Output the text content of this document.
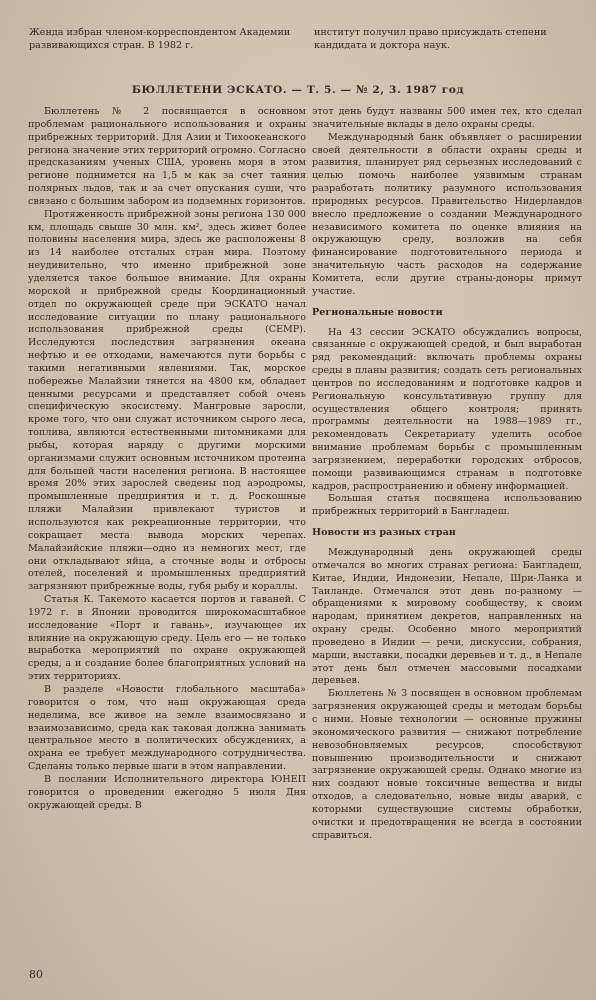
Женда избран членом-корреспондентом Академии развивающихся стран. В 1982 г.
институт получил право присуждать степени кандидата и доктора наук.
БЮЛЛЕТЕНИ ЭСКАТО. — Т. 5. — № 2, 3. 1987 год

Бюллетень № 2 посвящается в основном проблемам рационального использования и охраны прибрежных территорий. Для Азии и Тихоокеанского региона значение этих территорий огромно. Согласно предсказаниям ученых США, уровень моря в этом регионе поднимется на 1,5 м как за счет таяния полярных льдов, так и за счет опускания суши, что связано с большим забором из подземных горизонтов.

Протяженность прибрежной зоны региона 130 000 км, площадь свыше 30 млн. км², здесь живет более половины населения мира, здесь же расположены 8 из 14 наиболее отсталых стран мира. Поэтому неудивительно, что именно прибрежной зоне уделяется такое большое внимание. Для охраны морской и прибрежной среды Координационный отдел по окружающей среде при ЭСКАТО начал исследование ситуации по плану рационального использования прибрежной среды (СЕМР). Исследуются последствия загрязнения океана нефтью и ее отходами, намечаются пути борьбы с такими негативными явлениями. Так, морское побережье Малайзии тянется на 4800 км, обладает ценными ресурсами и представляет собой очень специфическую экосистему. Мангровые заросли, кроме того, что они служат источником сырого леса, топлива, являются естественными питомниками для рыбы, которая наряду с другими морскими организмами служит основным источником протеина для большей части населения региона. В настоящее время 20% этих зарослей сведены под аэродромы, промышленные предприятия и т. д. Роскошные пляжи Малайзии привлекают туристов и используются как рекреационные территории, что сокращает места вывода морских черепах. Малайзийские пляжи—одно из немногих мест, где они откладывают яйца, а сточные воды и отбросы отелей, поселений и промышленных предприятий загрязняют прибрежные воды, губя рыбу и кораллы.

Статья К. Такемото касается портов и гаваней. С 1972 г. в Японии проводится широкомасштабное исследование «Порт и гавань», изучающее их влияние на окружающую среду. Цель его — не только выработка мероприятий по охране окружающей среды, а и создание более благоприятных условий на этих территориях.

В разделе «Новости глобального масштаба» говорится о том, что наш окружающая среда неделима, все живое на земле взаимосвязано и взаимозависимо, среда как таковая должна занимать центральное место в политических обсуждениях, а охрана ее требует международного сотрудничества. Сделаны только первые шаги в этом направлении.

В послании Исполнительного директора ЮНЕП говорится о проведении ежегодно 5 июля Дня окружающей среды. В

этот день будут названы 500 имен тех, кто сделал значительные вклады в дело охраны среды.

Международный банк объявляет о расширении своей деятельности в области охраны среды и развития, планирует ряд серьезных исследований с целью помочь наиболее уязвимым странам разработать политику разумного использования природных ресурсов. Правительство Нидерландов внесло предложение о создании Международного независимого комитета по оценке влияния на окружающую среду, возложив на себя финансирование подготовительного периода и значительную часть расходов на содержание Комитета, если другие страны-доноры примут участие.

Региональные новости

На 43 сессии ЭСКАТО обсуждались вопросы, связанные с окружающей средой, и был выработан ряд рекомендаций: включать проблемы охраны среды в планы развития; создать сеть региональных центров по исследованиям и подготовке кадров и Региональную консультативную группу для осуществления общего контроля; принять программы деятельности на 1988—1989 гг., рекомендовать Секретариату уделить особое внимание проблемам борьбы с промышленным загрязнением, переработки городских отбросов, помощи развивающимся странам в подготовке кадров, распространению и обмену информацией.

Большая статья посвящена использованию прибрежных территорий в Бангладеш.

Новости из разных стран

Международный день окружающей среды отмечался во многих странах региона: Бангладеш, Китае, Индии, Индонезии, Непале, Шри-Ланка и Таиланде. Отмечался этот день по-разному — обращениями к мировому сообществу, к своим народам, принятием декретов, направленных на охрану среды. Особенно много мероприятий проведено в Индии — речи, дискуссии, собрания, марши, выставки, посадки деревьев и т. д., в Непале этот день был отмечен массовыми посадками деревьев.

Бюллетень № 3 посвящен в основном проблемам загрязнения окружающей среды и методам борьбы с ними. Новые технологии — основные пружины экономического развития — снижают потребление невозобновляемых ресурсов, способствуют повышению производительности и снижают загрязнение окружающей среды. Однако многие из них создают новые токсичные вещества и виды отходов, а следовательно, новые виды аварий, с которыми существующие системы обработки, очистки и предотвращения не всегда в состоянии справиться.

80
